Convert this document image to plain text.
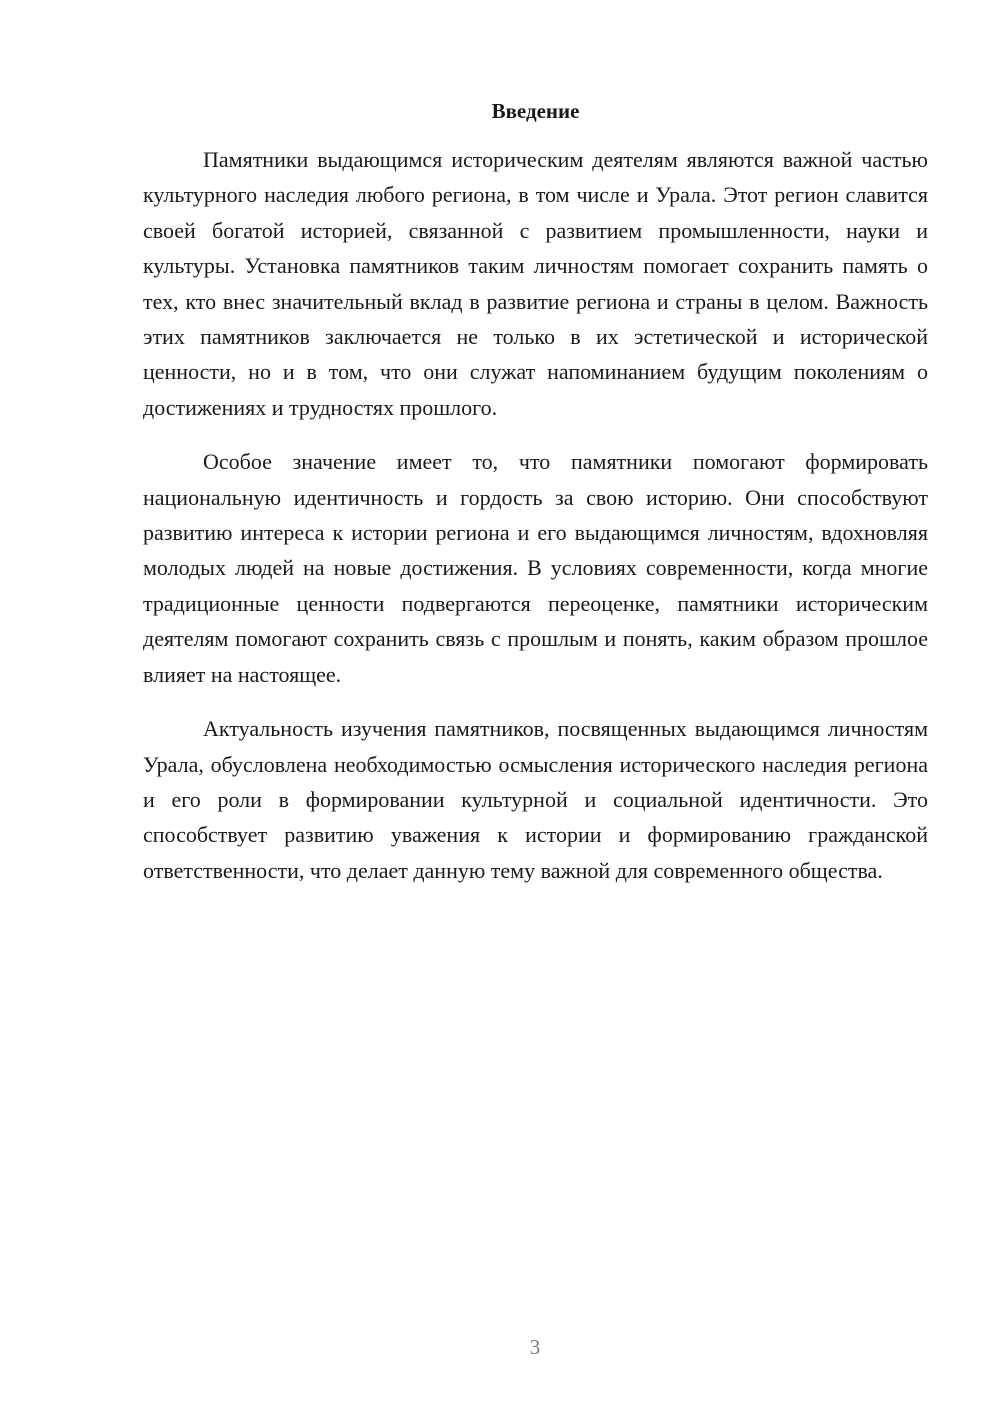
Введение

Памятники выдающимся историческим деятелям являются важной частью культурного наследия любого региона, в том числе и Урала. Этот регион славится своей богатой историей, связанной с развитием промышленности, науки и культуры. Установка памятников таким личностям помогает сохранить память о тех, кто внес значительный вклад в развитие региона и страны в целом. Важность этих памятников заключается не только в их эстетической и исторической ценности, но и в том, что они служат напоминанием будущим поколениям о достижениях и трудностях прошлого.

Особое значение имеет то, что памятники помогают формировать национальную идентичность и гордость за свою историю. Они способствуют развитию интереса к истории региона и его выдающимся личностям, вдохновляя молодых людей на новые достижения. В условиях современности, когда многие традиционные ценности подвергаются переоценке, памятники историческим деятелям помогают сохранить связь с прошлым и понять, каким образом прошлое влияет на настоящее.

Актуальность изучения памятников, посвященных выдающимся личностям Урала, обусловлена необходимостью осмысления исторического наследия региона и его роли в формировании культурной и социальной идентичности. Это способствует развитию уважения к истории и формированию гражданской ответственности, что делает данную тему важной для современного общества.

3
